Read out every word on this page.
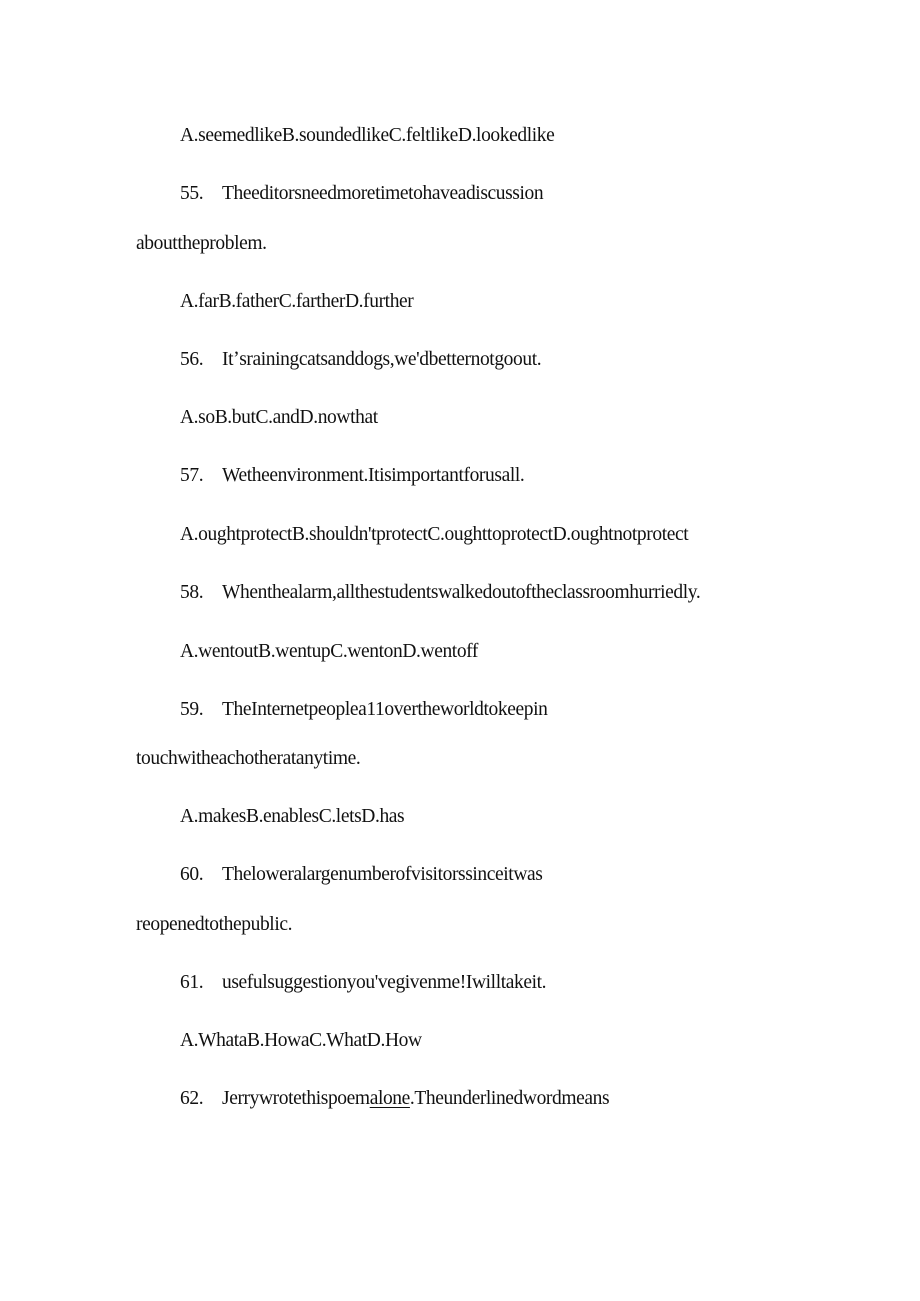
A.seemedlikeB.soundedlikeC.feltlikeD.lookedlike
55. Theeditorsneedmoretimetohaveadiscussion
abouttheproblem.
A.farB.fatherC.fartherD.further
56. Itʼsrainingcatsanddogs,we'dbetternotgoout.
A.soB.butC.andD.nowthat
57. Wetheenvironment.Itisimportantforusall.
A.oughtprotectB.shouldn'tprotectC.oughttoprotectD.oughtnotprotect
58. Whenthealarm,allthestudentswalkedoutoftheclassroomhurriedly.
A.wentoutB.wentupC.wentonD.wentoff
59. TheInternetpeoplea11overtheworldtokeepin
touchwitheachotheratanytime.
A.makesB.enablesC.letsD.has
60. Theloweralargenumberofvisitorssinceitwas
reopenedtothepublic.
61. usefulsuggestionyou'vegivenme!Iwilltakeit.
A.WhataB.HowaC.WhatD.How
62. Jerrywrotethispoemalone.Theunderlinedwordmeans
